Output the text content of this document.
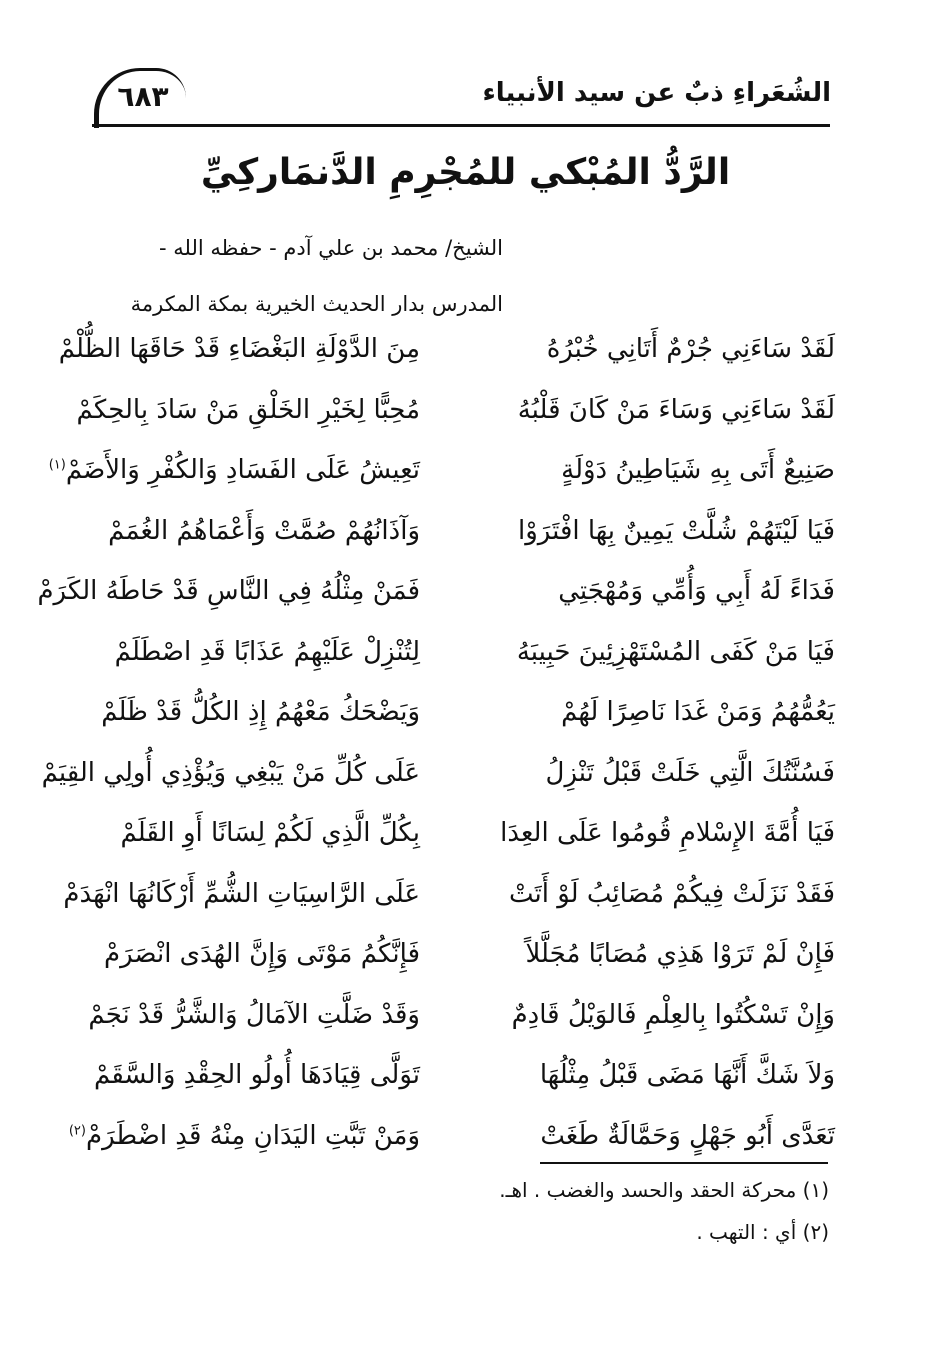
٦٨٣	الشُعَراءِ ذبٌ عن سيد الأنبياء
الرَّدُّ المُبْكي للمُجْرِمِ الدَّنمَاركِيِّ
الشيخ/ محمد بن علي آدم - حفظه الله -
المدرس بدار الحديث الخيرية بمكة المكرمة
لَقَدْ سَاءَنِي جُرْمٌ أَتَانِي خُبْرُهُ
مِنَ الدَّوْلَةِ البَغْضَاءِ قَدْ حَاقَهَا الظُّلْمْ
لَقَدْ سَاءَنِي وَسَاءَ مَنْ كَانَ قَلْبُهُ
مُحِبًّا لِخَيْرِ الخَلْقِ مَنْ سَادَ بِالحِكَمْ
صَنِيعٌ أَتَى بِهِ شَيَاطِينُ دَوْلَةٍ
تَعِيشُ عَلَى الفَسَادِ وَالكُفْرِ وَالأَضَمْ$^{(١)}$
فَيَا لَيْتَهُمْ شُلَّتْ يَمِينٌ بِهَا افْتَرَوْا
وَآذَانُهُمْ صُمَّتْ وَأَعْمَاهُمُ الغُمَمْ
فَدَاءً لَهُ أَبِي وَأُمِّي وَمُهْجَتِي
فَمَنْ مِثْلُهُ فِي النَّاسِ قَدْ حَاطَهُ الكَرَمْ
فَيَا مَنْ كَفَى المُسْتَهْزِئِينَ حَبِيبَهُ
لِتُنْزِلْ عَلَيْهِمُ عَذَابًا قَدِ اصْطَلَمْ
يَعُمُّهُمُ وَمَنْ غَدَا نَاصِرًا لَهُمْ
وَيَضْحَكُ مَعْهُمُ إِذِ الكُلُّ قَدْ ظَلَمْ
فَسُنَّتُكَ الَّتِي خَلَتْ قَبْلُ تَنْزِلُ
عَلَى كُلِّ مَنْ يَبْغِي وَيُؤْذِي أُولِي القِيَمْ
فَيَا أُمَّةَ الإِسْلامِ قُومُوا عَلَى العِدَا
بِكُلِّ الَّذِي لَكُمْ لِسَانًا أَوِ القَلَمْ
فَقَدْ نَزَلَتْ فِيكُمْ مُصَائِبُ لَوْ أَتَتْ
عَلَى الرَّاسِيَاتِ الشُّمِّ أَرْكَانُهَا انْهَدَمْ
فَإِنْ لَمْ تَرَوْا هَذِي مُصَابًا مُجَلَّلاً
فَإِنَّكُمُ مَوْتَى وَإِنَّ الهُدَى انْصَرَمْ
وَإِنْ تَسْكُتُوا بِالعِلْمِ فَالوَيْلُ قَادِمٌ
وَقَدْ ضَلَّتِ الآمَالُ وَالشَّرُّ قَدْ نَجَمْ
وَلاَ شَكَّ أَنَّهَا مَضَى قَبْلُ مِثْلُهَا
تَوَلَّى قِيَادَهَا أُولُو الحِقْدِ وَالسَّقَمْ
تَعَدَّى أَبُو جَهْلٍ وَحَمَّالَةٌ طَغَتْ
وَمَنْ تَبَّتِ اليَدَانِ مِنْهُ قَدِ اضْطَرَمْ$^{(٢)}$
(١) محركة الحقد والحسد والغضب . اهـ.
(٢) أي : التهب .
